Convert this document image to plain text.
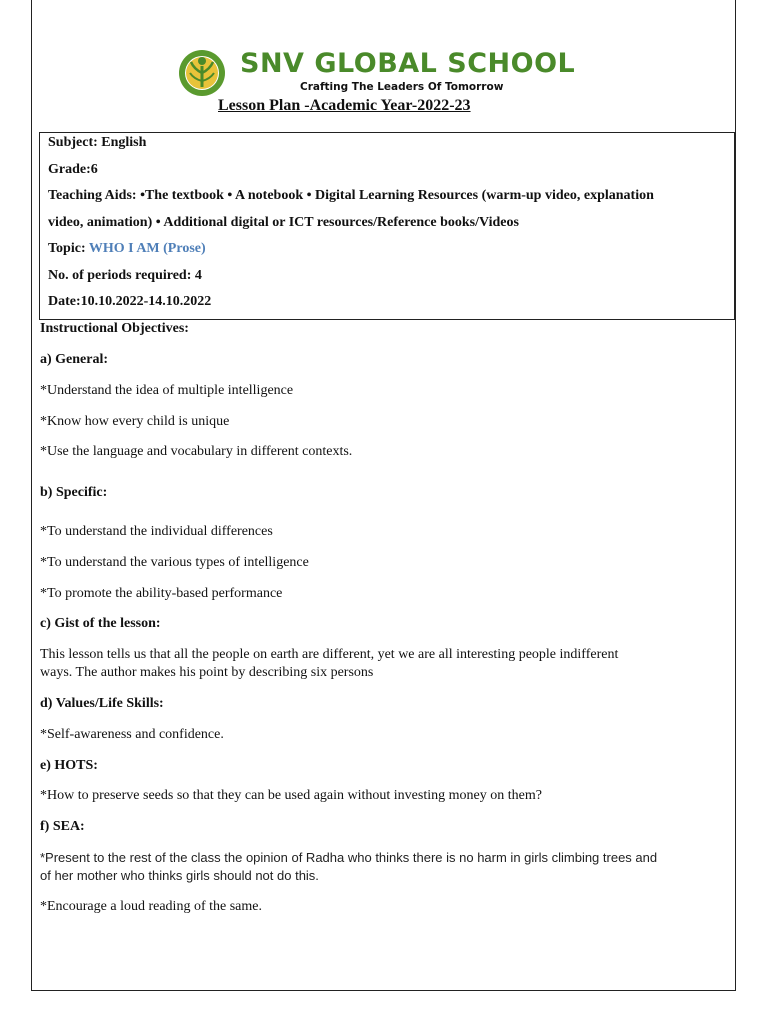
SNV GLOBAL SCHOOL
Crafting The Leaders Of Tomorrow
Lesson Plan -Academic Year-2022-23
Subject: English
Grade:6
Teaching Aids: •The textbook • A notebook • Digital Learning Resources (warm-up video, explanation
video, animation) • Additional digital or ICT resources/Reference books/Videos
Topic: WHO I AM (Prose)
No. of periods required: 4
Date:10.10.2022-14.10.2022
Instructional Objectives:
a) General:
*Understand the idea of multiple intelligence
*Know how every child is unique
*Use the language and vocabulary in different contexts.
b) Specific:
*To understand the individual differences
*To understand the various types of intelligence
*To promote the ability-based performance
c) Gist of the lesson:
This lesson tells us that all the people on earth are different, yet we are all interesting people indifferent
ways. The author makes his point by describing six persons
d) Values/Life Skills:
*Self-awareness and confidence.
e) HOTS:
*How to preserve seeds so that they can be used again without investing money on them?
f) SEA:
*Present to the rest of the class the opinion of Radha who thinks there is no harm in girls climbing trees and
of her mother who thinks girls should not do this.
*Encourage a loud reading of the same.
